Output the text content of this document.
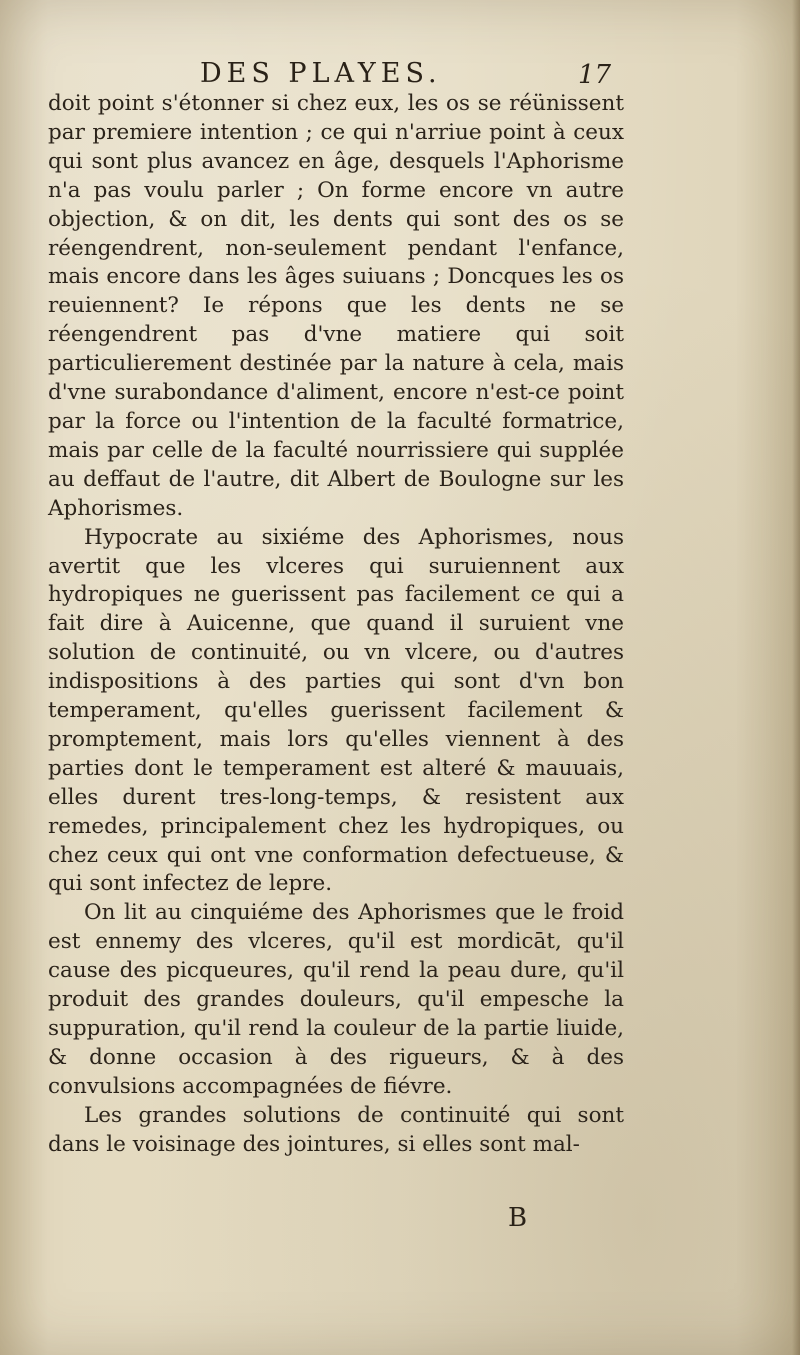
DES PLAYES.	17

doit point s'étonner si chez eux, les os se réünissent par premiere intention ; ce qui n'arriue point à ceux qui sont plus avancez en âge, desquels l'Aphorisme n'a pas voulu parler ; On forme encore vn autre objection, & on dit, les dents qui sont des os se réengendrent, non-seulement pendant l'enfance, mais encore dans les âges suiuans ; Doncques les os reuiennent? Ie répons que les dents ne se réengendrent pas d'vne matiere qui soit particulierement destinée par la nature à cela, mais d'vne surabondance d'aliment, encore n'est-ce point par la force ou l'intention de la faculté formatrice, mais par celle de la faculté nourrissiere qui supplée au deffaut de l'autre, dit Albert de Boulogne sur les Aphorismes.

Hypocrate au sixiéme des Aphorismes, nous avertit que les vlceres qui suruiennent aux hydropiques ne guerissent pas facilement ce qui a fait dire à Auicenne, que quand il suruient vne solution de continuité, ou vn vlcere, ou d'autres indispositions à des parties qui sont d'vn bon temperament, qu'elles guerissent facilement & promptement, mais lors qu'elles viennent à des parties dont le temperament est alteré & mauuais, elles durent tres-long-temps, & resistent aux remedes, principalement chez les hydropiques, ou chez ceux qui ont vne conformation defectueuse, & qui sont infectez de lepre.

On lit au cinquiéme des Aphorismes que le froid est ennemy des vlceres, qu'il est mordicāt, qu'il cause des picqueures, qu'il rend la peau dure, qu'il produit des grandes douleurs, qu'il empesche la suppuration, qu'il rend la couleur de la partie liuide, & donne occasion à des rigueurs, & à des convulsions accompagnées de fiévre.

Les grandes solutions de continuité qui sont dans le voisinage des jointures, si elles sont mal-

B
